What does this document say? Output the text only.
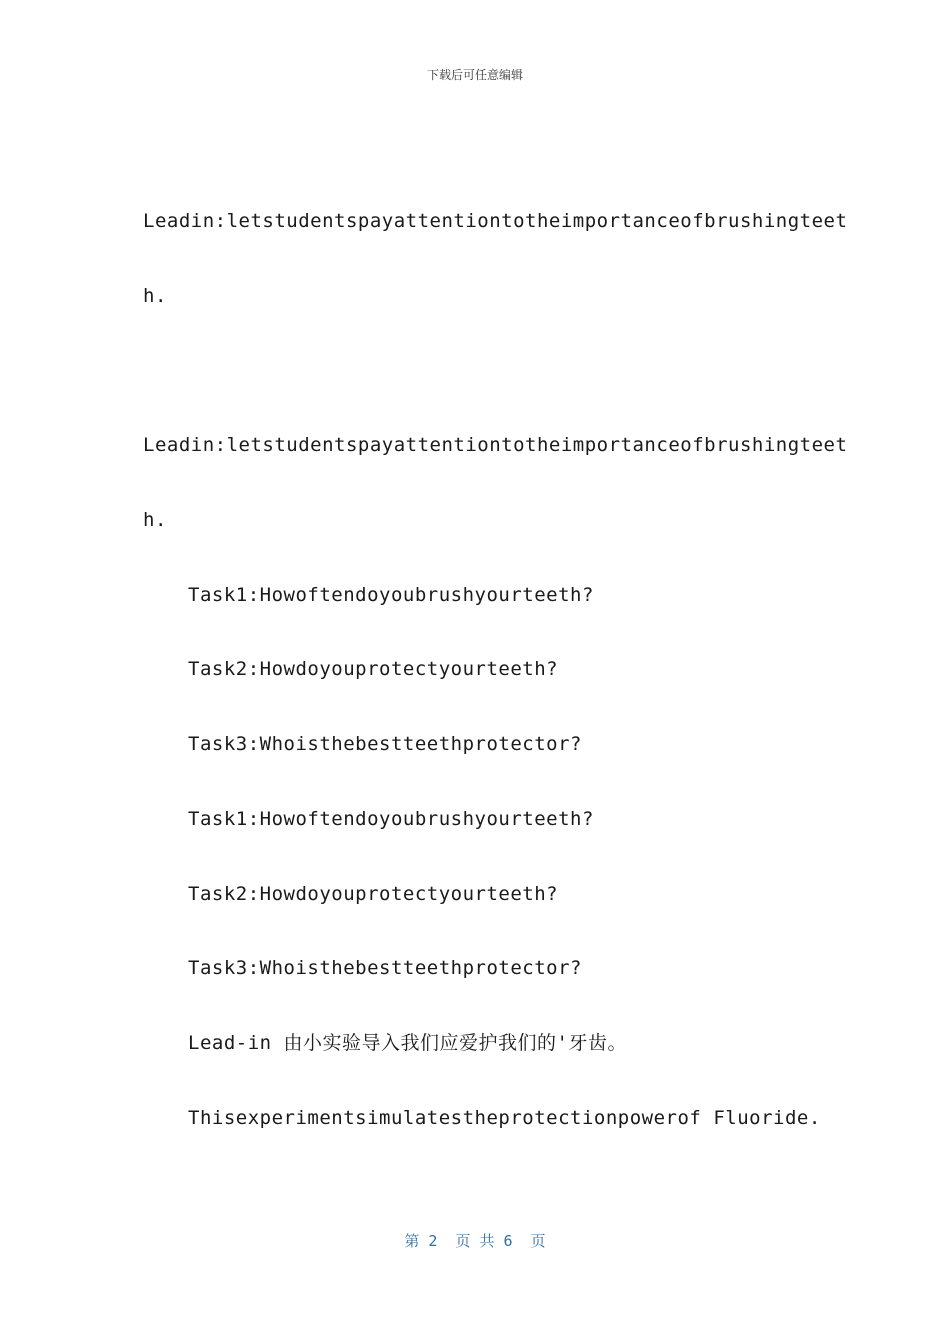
下载后可任意编辑
Leadin:letstudentspayattentiontotheimportanceofbrushingteet
h.
Leadin:letstudentspayattentiontotheimportanceofbrushingteet
h.
Task1:Howoftendoyoubrushyourteeth?
Task2:Howdoyouprotectyourteeth?
Task3:Whoisthebestteethprotector?
Task1:Howoftendoyoubrushyourteeth?
Task2:Howdoyouprotectyourteeth?
Task3:Whoisthebestteethprotector?
Lead-in 由小实验导入我们应爱护我们的'牙齿。
Thisexperimentsimulatestheprotectionpowerof Fluoride.
第 2  页 共 6  页
